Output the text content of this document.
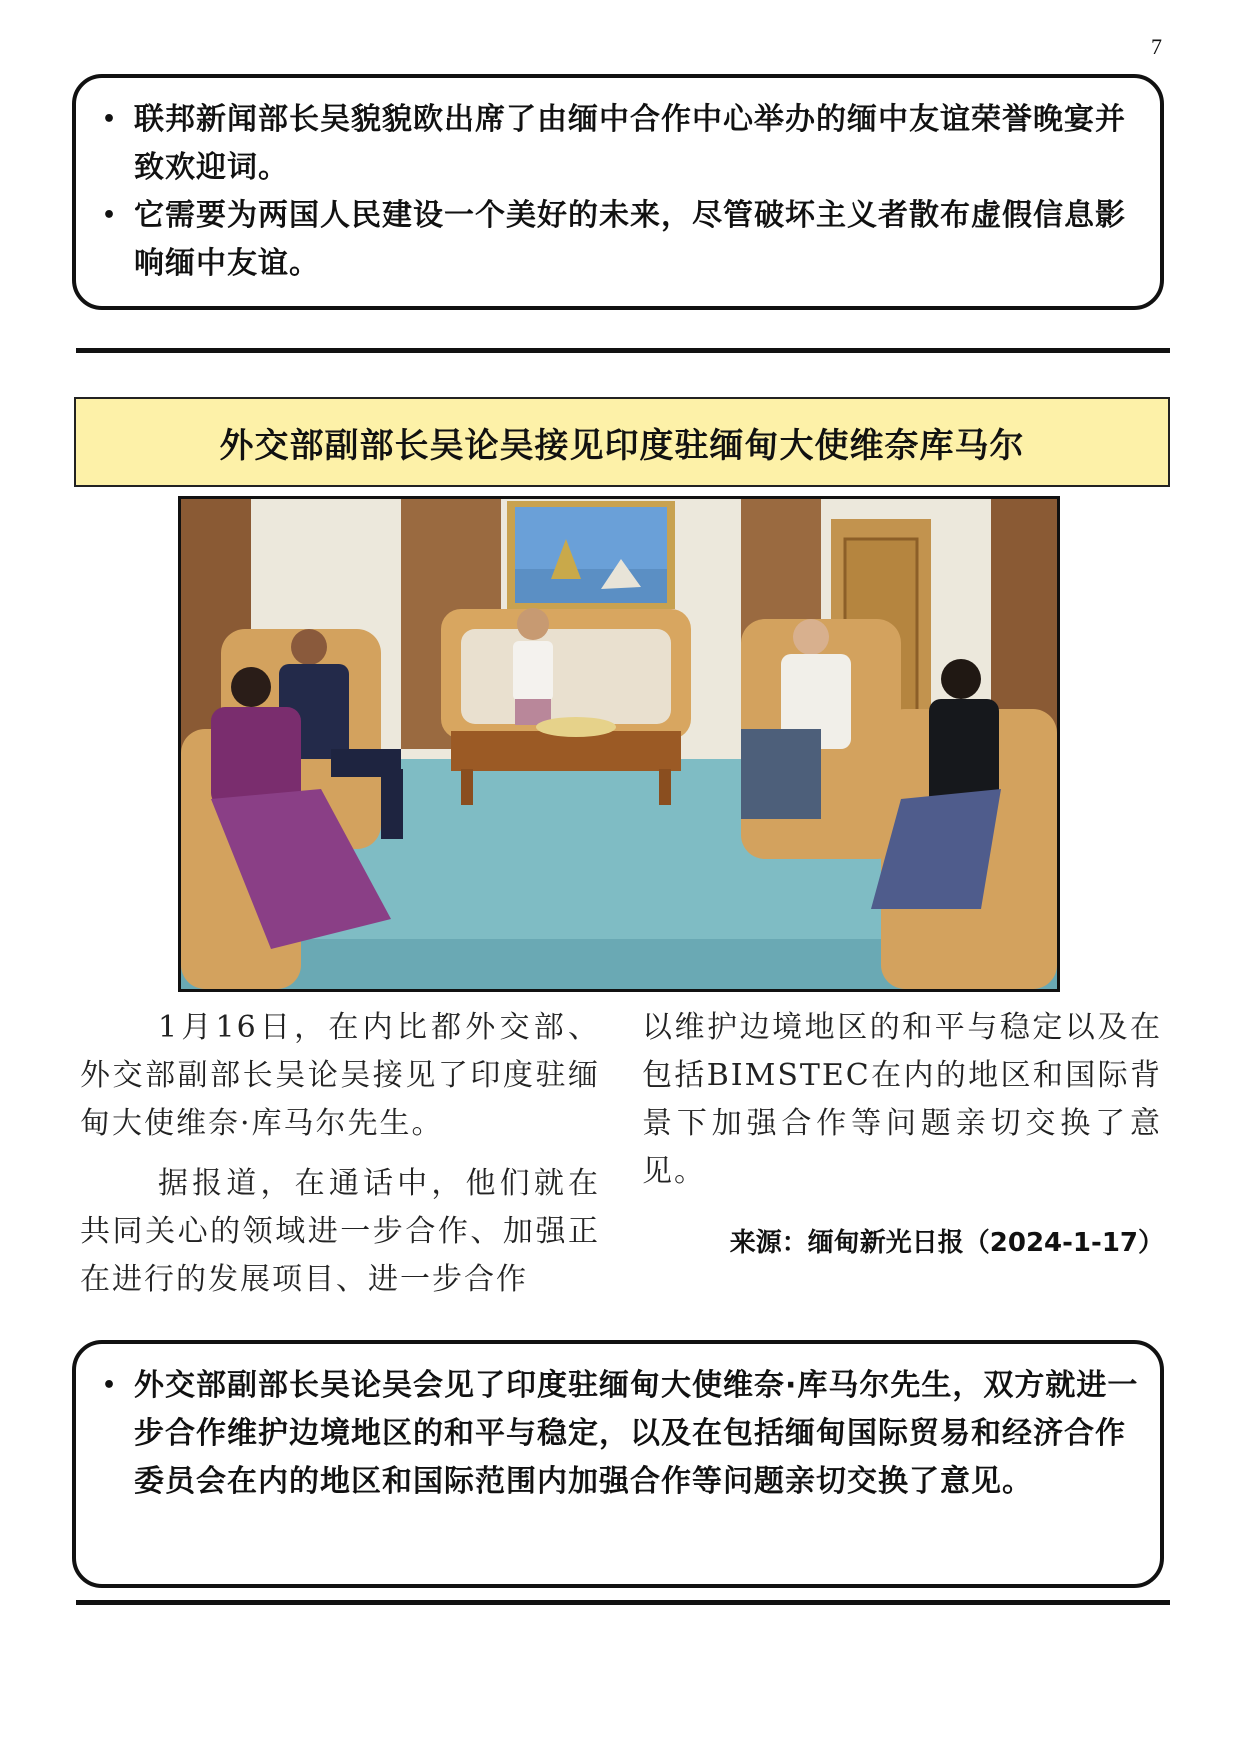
7
• 联邦新闻部长吴貌貌欧出席了由缅中合作中心举办的缅中友谊荣誉晚宴并致欢迎词。
• 它需要为两国人民建设一个美好的未来，尽管破坏主义者散布虚假信息影响缅中友谊。
外交部副部长吴论吴接见印度驻缅甸大使维奈库马尔

1月16日，在内比都外交部、外交部副部长吴论吴接见了印度驻缅甸大使维奈·库马尔先生。

据报道，在通话中，他们就在共同关心的领域进一步合作、加强正在进行的发展项目、进一步合作

以维护边境地区的和平与稳定以及在包括BIMSTEC在内的地区和国际背景下加强合作等问题亲切交换了意见。

来源：缅甸新光日报（2024-1-17）
• 外交部副部长吴论吴会见了印度驻缅甸大使维奈·库马尔先生，双方就进一步合作维护边境地区的和平与稳定，以及在包括缅甸国际贸易和经济合作委员会在内的地区和国际范围内加强合作等问题亲切交换了意见。
